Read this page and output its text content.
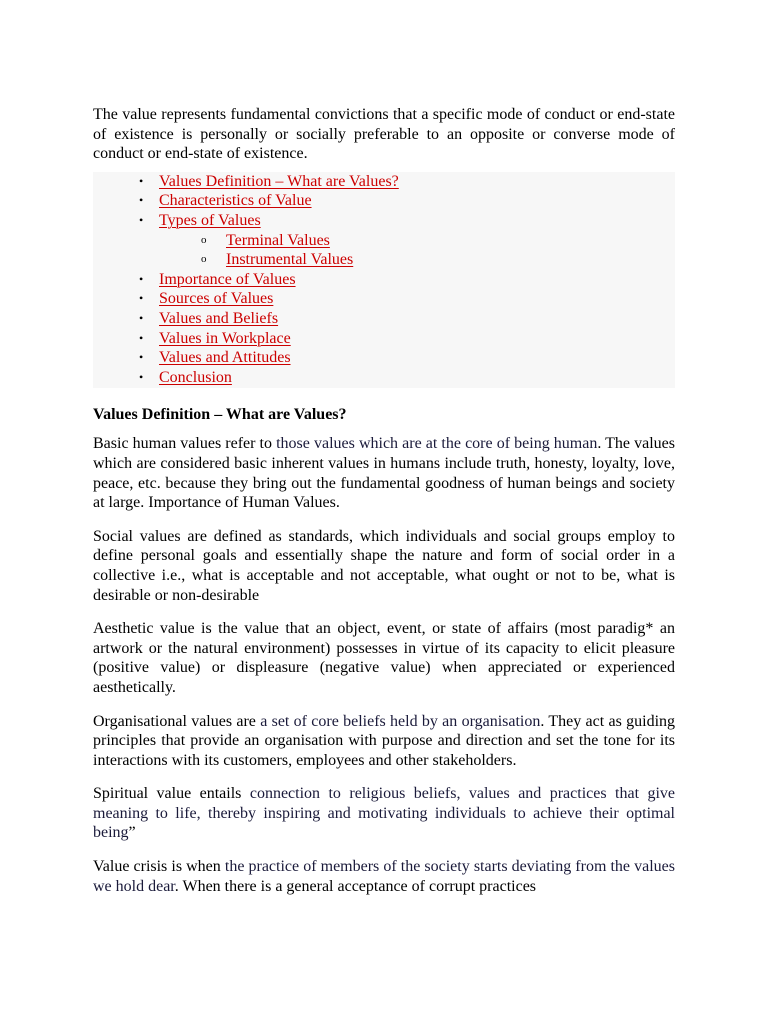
The value represents fundamental convictions that a specific mode of conduct or end-state of existence is personally or socially preferable to an opposite or converse mode of conduct or end-state of existence.

• Values Definition – What are Values?
• Characteristics of Value
• Types of Values
o Terminal Values
o Instrumental Values
• Importance of Values
• Sources of Values
• Values and Beliefs
• Values in Workplace
• Values and Attitudes
• Conclusion
Values Definition – What are Values?

Basic human values refer to those values which are at the core of being human. The values which are considered basic inherent values in humans include truth, honesty, loyalty, love, peace, etc. because they bring out the fundamental goodness of human beings and society at large. Importance of Human Values.

Social values are defined as standards, which individuals and social groups employ to define personal goals and essentially shape the nature and form of social order in a collective i.e., what is acceptable and not acceptable, what ought or not to be, what is desirable or non-desirable

Aesthetic value is the value that an object, event, or state of affairs (most paradig* an artwork or the natural environment) possesses in virtue of its capacity to elicit pleasure (positive value) or displeasure (negative value) when appreciated or experienced aesthetically.

Organisational values are a set of core beliefs held by an organisation. They act as guiding principles that provide an organisation with purpose and direction and set the tone for its interactions with its customers, employees and other stakeholders.

Spiritual value entails connection to religious beliefs, values and practices that give meaning to life, thereby inspiring and motivating individuals to achieve their optimal being”

Value crisis is when the practice of members of the society starts deviating from the values we hold dear. When there is a general acceptance of corrupt practices
